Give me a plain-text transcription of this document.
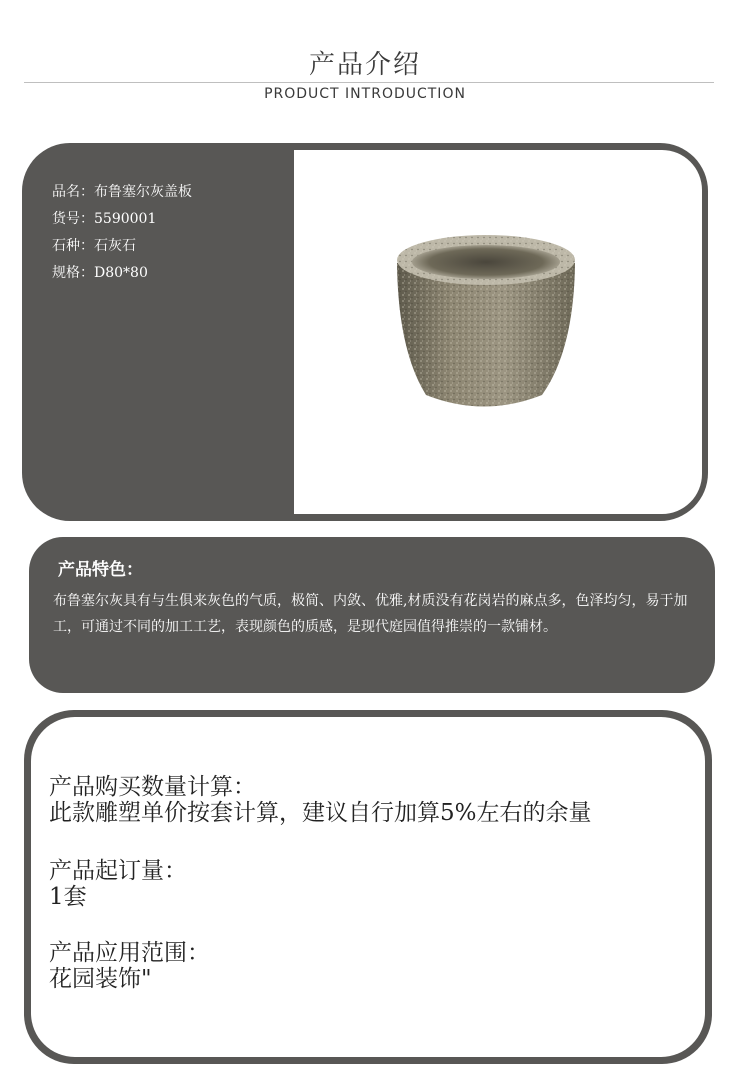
产品介绍
PRODUCT INTRODUCTION
品名：布鲁塞尔灰盖板
货号：5590001
石种：石灰石
规格：D80*80
产品特色：
布鲁塞尔灰具有与生俱来灰色的气质，极简、内敛、优雅,材质没有花岗岩的麻点多，色泽均匀，易于加工，可通过不同的加工工艺，表现颜色的质感，是现代庭园值得推崇的一款铺材。
产品购买数量计算：
此款雕塑单价按套计算，建议自行加算5%左右的余量
产品起订量：
1套
产品应用范围：
花园装饰"
